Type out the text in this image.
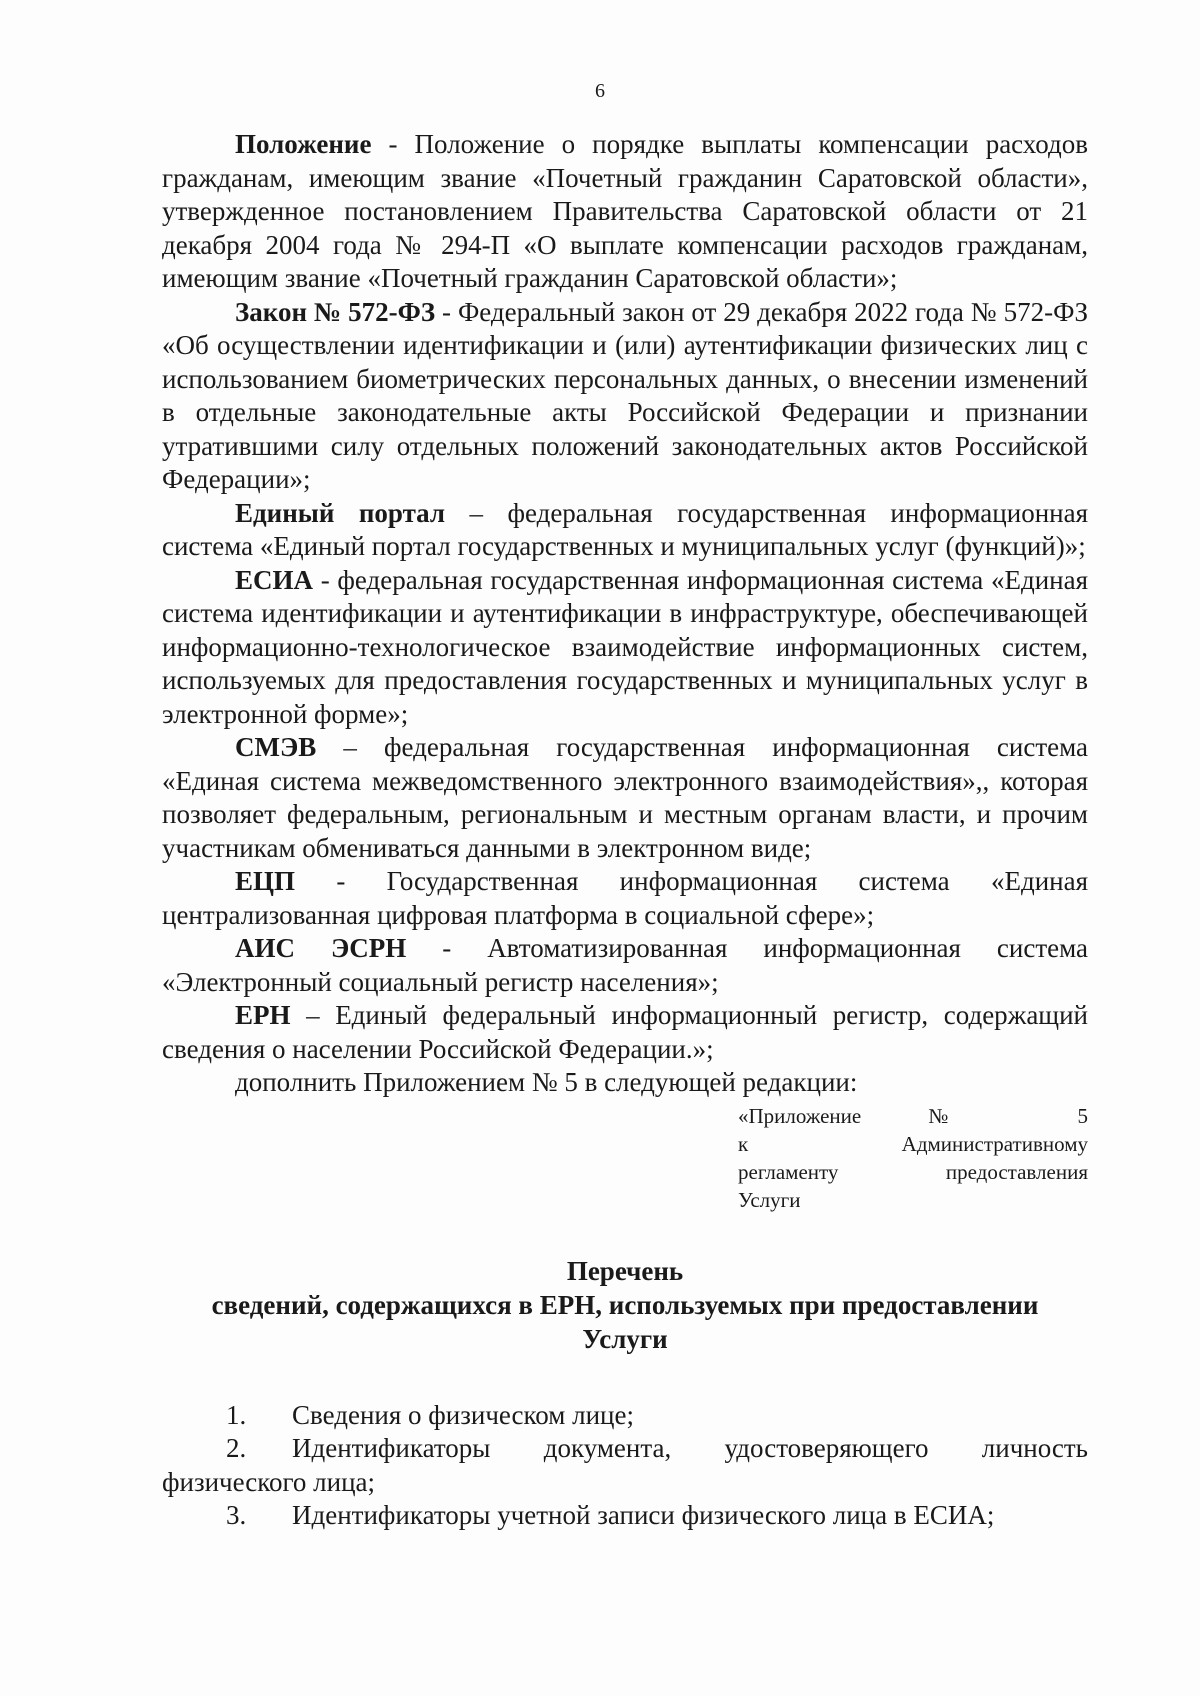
6

Положение - Положение о порядке выплаты компенсации расходов гражданам, имеющим звание «Почетный гражданин Саратовской области», утвержденное постановлением Правительства Саратовской области от 21 декабря 2004 года № 294-П «О выплате компенсации расходов гражданам, имеющим звание «Почетный гражданин Саратовской области»;

Закон № 572-ФЗ - Федеральный закон от 29 декабря 2022 года № 572-ФЗ «Об осуществлении идентификации и (или) аутентификации физических лиц с использованием биометрических персональных данных, о внесении изменений в отдельные законодательные акты Российской Федерации и признании утратившими силу отдельных положений законодательных актов Российской Федерации»;

Единый портал – федеральная государственная информационная система «Единый портал государственных и муниципальных услуг (функций)»;

ЕСИА - федеральная государственная информационная система «Единая система идентификации и аутентификации в инфраструктуре, обеспечивающей информационно-технологическое взаимодействие информационных систем, используемых для предоставления государственных и муниципальных услуг в электронной форме»;

СМЭВ – федеральная государственная информационная система «Единая система межведомственного электронного взаимодействия»,, которая позволяет федеральным, региональным и местным органам власти, и прочим участникам обмениваться данными в электронном виде;

ЕЦП - Государственная информационная система «Единая централизованная цифровая платформа в социальной сфере»;

АИС ЭСРН - Автоматизированная информационная система «Электронный социальный регистр населения»;

ЕРН – Единый федеральный информационный регистр, содержащий сведения о населении Российской Федерации.»;

дополнить Приложением № 5 в следующей редакции:

«Приложение № 5
к Административному
регламенту предоставления
Услуги
Перечень
сведений, содержащихся в ЕРН, используемых при предоставлении
Услуги

1. Сведения о физическом лице;

2. Идентификаторы документа, удостоверяющего личность физического лица;

3. Идентификаторы учетной записи физического лица в ЕСИА;
